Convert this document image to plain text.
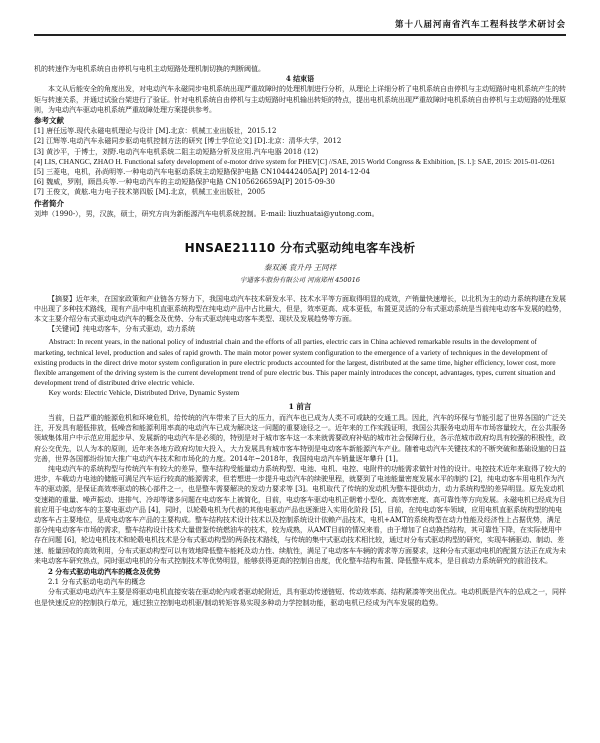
第十八届河南省汽车工程科技学术研讨会

机的转速作为电机系统自由停机与电机主动短路处理机制切换的判断阈值。

4 结束语

本文从后能安全的角度出发，对电动汽车永磁同步电机系统出现严重故障时的处理机制进行分析，从理论上详细分析了电机系统自由停机与主动短路时电机系统产生的转矩与转速关系，并通过试验台架进行了验证。针对电机系统自由停机与主动短路时电机输出转矩的特点，提出电机系统出现严重故障时电机系统自由停机与主动短路的处理原则，为电动汽车驱动电机系统严重故障处理方案提供参考。

参考文献

[1] 唐任远等.现代永磁电机理论与设计 [M].北京：机械工业出版社，2015.12

[2] 江辉等.电动汽车永磁同步驱动电机控制方法的研究 [博士学位论文] [D].北京：清华大学，2012

[3] 黄沙平，于博士，刘野.电动汽车电机系统二阻主动短路分析及应用.汽车电器 2018 (12)

[4] LIS, CHANGC, ZHAO H. Functional safety development of e-motor drive system for PHEV[C] //SAE, 2015 World Congress & Exhibition, [S. l.]: SAE, 2015: 2015-01-0261

[5] 三菱电，电机，孙尚明等.一种电动汽车电驱动系统主动短路保护电路 CN104442405A[P] 2014-12-04

[6] 魏威，罗刚，顾昌兵等.一种电动汽车的主动短路保护电路 CN105626659A[P] 2015-09-30

[7] 王俊文，黄舷.电力电子技术第四版 [M].北京，机械工业出版社，2005

作者简介

刘坤（1990-），男，汉族，硕士，研究方向为新能源汽车电机系统控制。E-mail: liuzhuatai@yutong.com。

HNSAE21110 分布式驱动纯电客车浅析
秦双溪 袁升丹 王同祥
宇通客车股份有限公司 河南郑州 450016

【摘要】近年来，在国家政策和产业链各方努力下，我国电动汽车技术研发水平、技术水平等方面取得明显的成效，产销量快速增长，以北机为主的动力系统构建在发展中出现了多种技术路线，现有产品中电机直驱系统构型在纯电动产品中占比最大，但是，效率更高、成本更低，布置更灵活的分布式驱动系统是当前纯电动客车发展的趋势，本文主要介绍分布式驱动电动汽车的概念及优势、分布式驱动纯电动客车类型、现状及发展趋势等方面。

【关键词】纯电动客车，分布式驱动，动力系统

Abstract: In recent years, in the national policy of industrial chain and the efforts of all parties, electric cars in China achieved remarkable results in the development of marketing, technical level, production and sales of rapid growth. The main motor power system configuration to the emergence of a variety of techniques in the development of existing products in the direct drive motor system configuration in pure electric products accounted for the largest, distributed at the same time, higher efficiency, lower cost, more flexible arrangement of the driving system is the current development trend of pure electric bus. This paper mainly introduces the concept, advantages, types, current situation and development trend of distributed drive electric vehicle.

Key words: Electric Vehicle, Distributed Drive, Dynamic System

1 前言

当前，日益严重的能源危机和环境危机，给传统的汽车带来了巨大的压力，而汽车也已成为人类不可或缺的交通工具。因此，汽车的环保与节能引起了世界各国的广泛关注，开发具有超低排放，低噪音和能源利用率高的电动汽车已成为解决这一问题的重要途径之一。近年来的工作实践证明，我国公共服务电动用车市场容量较大，在公共服务领域集体用户中示范应用起步早、发展新的电动汽车是必须的，特别是对于城市客车这一本来就需要政府补贴的城市社会保障行业，各示范城市政府均具有较强的积极性，政府公交优先，以人为本的原则，近年来各地方政府均加大投入，大力发展具有城市客车特别是电动客车新能源汽车产业。随着电动汽车关键技术的不断突破和基础设施的日益完善，世界各国都纷纷加大推广电动汽车技术和市场化的力度。2014年~2018年，我国纯电动汽车销量逐年攀升 [1]。

纯电动汽车的系统构型与传统汽车有较大的差异，整车结构受能量动力系统构型、电池、电机、电控、电附件的功能需求做针对性的设计。电控技术近年来取得了较大的进步，车载动力电池的储能可满足汽车运行较高的能源需求，但若想进一步提升电动汽车的续驶里程，就要到了电池能量密度发展水平的制约 [2]，纯电动客车用电机作为汽车的驱动源，是保证高效率驱动的核心部件之一，也是整车需要解决的发动力要求等 [3]。电机取代了传统的发动机为整车提供动力，动力系统构型的差异明显。原先发动机变速箱的重量、噪声振动、进排气、冷却等诸多问题在电动客车上被简化，目前，电动客车驱动电机正朝着小型化、高效率密度、高可靠性等方向发展。永磁电机已经成为目前应用于电动客车的主要电驱动产品 [4]，同时，以轮毂电机为代表的其他电驱动产品也逐渐进入实用化阶段 [5]，目前，在纯电动客车领域，应用电机直驱系统构型的纯电动客车占主要地位，是成电动客车产品的主要构成。整车结构技术设计技术以及控制系统设计依赖产品技术，电机+AMT的系统构型在动力性能及经济性上占据优势，满足部分纯电动客车市场的需求，整车结构设计技术大量借鉴传统燃油车的技术，较为成熟，从AMT目前的情况来看，由于增加了自动换挡结构，其可靠性下降，在实际使用中存在问题 [6]，轮边电机技术和轮毂电机技术是分布式驱动构型的两条技术路线，与传统的集中式驱动技术相比较，通过对分布式驱动构型的研究，实现车辆驱动、制动、差速、能量回收的高效利用，分布式驱动构型可以有效地降低整车能耗及动力性、续航性，满足了电动客车车辆的需求等方面要求，这种分布式驱动电机的配置方法正在成为未来电动客车研究热点，同时驱动电机的分布式控制技术等优势明显，能够获得更高的控制自由度，优化整车结构布置、降低整车成本，是目前动力系统研究的前沿技术。

2 分布式驱动电动汽车的概念及优势

2.1 分布式驱动电动汽车的概念

分布式驱动电动汽车主要是将驱动电机直接安装在驱动轮内或者驱动轮附近，具有驱动传递链短、传动效率高、结构紧凑等突出优点。电动机既是汽车的总成之一，同样也是快速反应的控制执行单元，通过独立控制电动机驱/制动转矩容易实现多种动力学控制功能，驱动电机已经成为汽车发展的趋势。
